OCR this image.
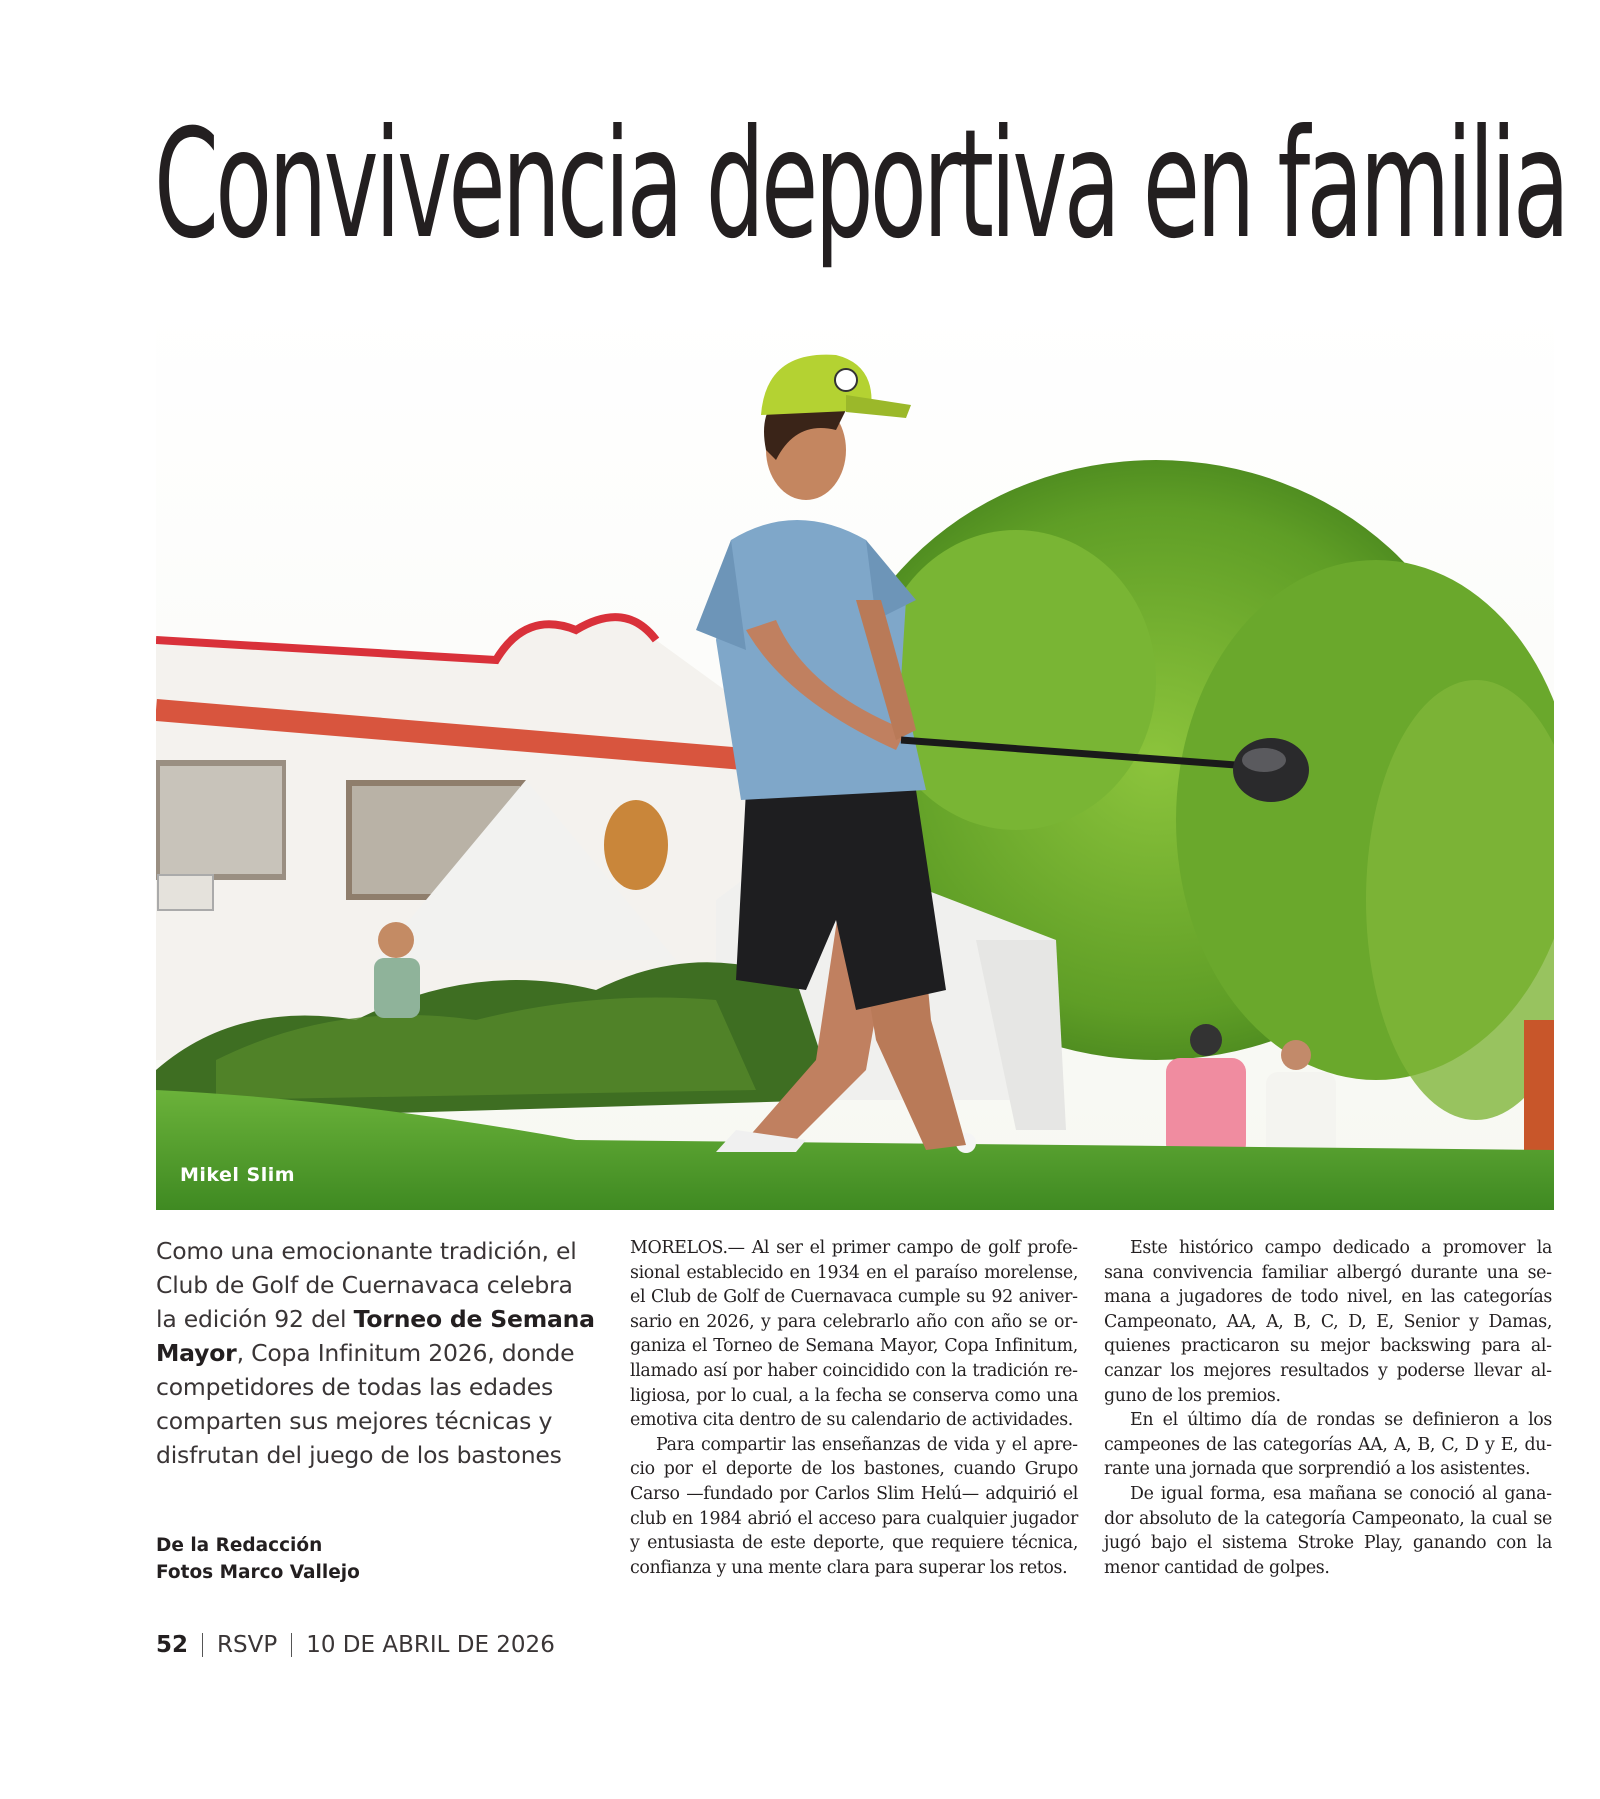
Convivencia deportiva en familia
Mikel Slim
Como una emocionante tradición, el Club de Golf de Cuernavaca celebra la edición 92 del Torneo de Semana Mayor, Copa Infinitum 2026, donde competidores de todas las edades comparten sus mejores técnicas y disfrutan del juego de los bastones
De la Redacción
Fotos Marco Vallejo

MORELOS.— Al ser el primer campo de golf profesional establecido en 1934 en el paraíso morelense, el Club de Golf de Cuernavaca cumple su 92 aniversario en 2026, y para celebrarlo año con año se organiza el Torneo de Semana Mayor, Copa Infinitum, llamado así por haber coincidido con la tradición religiosa, por lo cual, a la fecha se conserva como una emotiva cita dentro de su calendario de actividades.

Para compartir las enseñanzas de vida y el aprecio por el deporte de los bastones, cuando Grupo Carso —fundado por Carlos Slim Helú— adquirió el club en 1984 abrió el acceso para cualquier jugador y entusiasta de este deporte, que requiere técnica, confianza y una mente clara para superar los retos.

Este histórico campo dedicado a promover la sana convivencia familiar albergó durante una semana a jugadores de todo nivel, en las categorías Campeonato, AA, A, B, C, D, E, Senior y Damas, quienes practicaron su mejor backswing para alcanzar los mejores resultados y poderse llevar alguno de los premios.

En el último día de rondas se definieron a los campeones de las categorías AA, A, B, C, D y E, durante una jornada que sorprendió a los asistentes.

De igual forma, esa mañana se conoció al ganador absoluto de la categoría Campeonato, la cual se jugó bajo el sistema Stroke Play, ganando con la menor cantidad de golpes.

52 RSVP 10 DE ABRIL DE 2026
